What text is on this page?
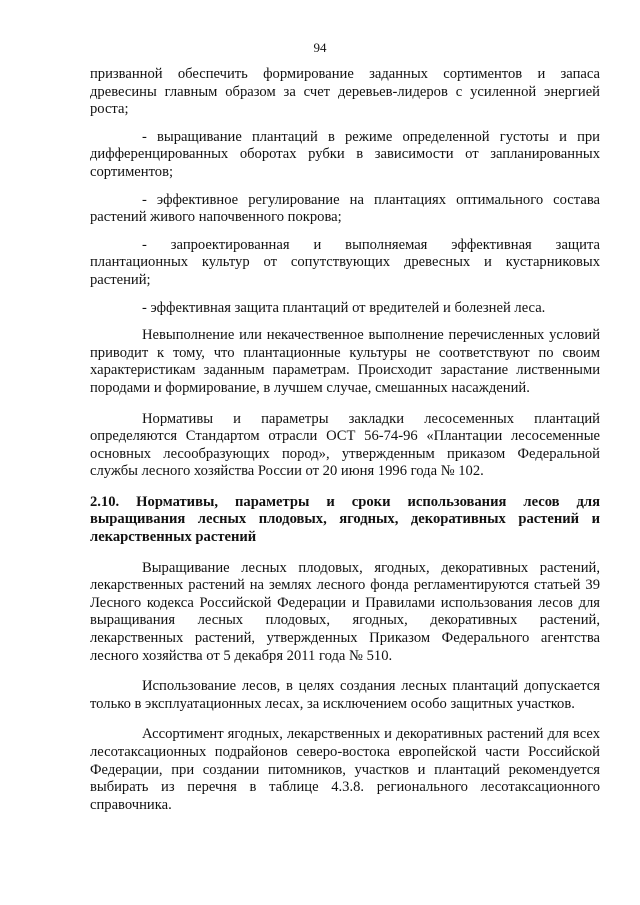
94

призванной обеспечить формирование заданных сортиментов и запаса древесины главным образом за счет деревьев-лидеров с усиленной энергией роста;

- выращивание плантаций в режиме определенной густоты и при дифференцированных оборотах рубки в зависимости от запланированных сортиментов;

- эффективное регулирование на плантациях оптимального состава растений живого напочвенного покрова;

- запроектированная и выполняемая эффективная защита плантационных культур от сопутствующих древесных и кустарниковых растений;

- эффективная защита плантаций от вредителей и болезней леса.

Невыполнение или некачественное выполнение перечисленных условий приводит к тому, что плантационные культуры не соответствуют по своим характеристикам заданным параметрам. Происходит зарастание лиственными породами и формирование, в лучшем случае, смешанных насаждений.

Нормативы и параметры закладки лесосеменных плантаций определяются Стандартом отрасли ОСТ 56-74-96 «Плантации лесосеменные основных лесообразующих пород», утвержденным приказом Федеральной службы лесного хозяйства России от 20 июня 1996 года № 102.

2.10. Нормативы, параметры и сроки использования лесов для выращивания лесных плодовых, ягодных, декоративных растений и лекарственных растений

Выращивание лесных плодовых, ягодных, декоративных растений, лекарственных растений на землях лесного фонда регламентируются статьей 39 Лесного кодекса Российской Федерации и Правилами использования лесов для выращивания лесных плодовых, ягодных, декоративных растений, лекарственных растений, утвержденных Приказом Федерального агентства лесного хозяйства от 5 декабря 2011 года № 510.

Использование лесов, в целях создания лесных плантаций допускается только в эксплуатационных лесах, за исключением особо защитных участков.

Ассортимент ягодных, лекарственных и декоративных растений для всех лесотаксационных подрайонов северо-востока европейской части Российской Федерации, при создании питомников, участков и плантаций рекомендуется выбирать из перечня в таблице 4.3.8. регионального лесотаксационного справочника.
